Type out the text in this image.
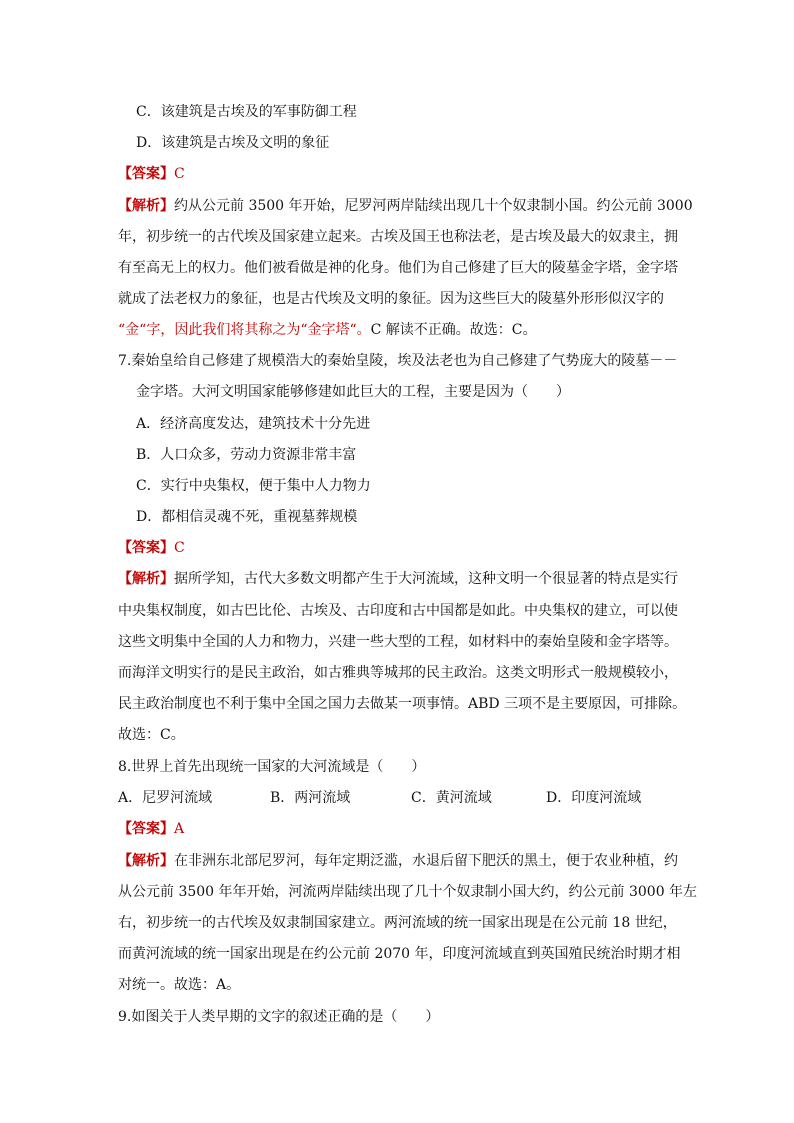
C．该建筑是古埃及的军事防御工程
D．该建筑是古埃及文明的象征
【答案】C
【解析】约从公元前 3500 年开始，尼罗河两岸陆续出现几十个奴隶制小国。约公元前 3000
年，初步统一的古代埃及国家建立起来。古埃及国王也称法老，是古埃及最大的奴隶主，拥
有至高无上的权力。他们被看做是神的化身。他们为自己修建了巨大的陵墓金字塔，金字塔
就成了法老权力的象征，也是古代埃及文明的象征。因为这些巨大的陵墓外形形似汉字的
“金“字，因此我们将其称之为“金字塔“。C 解读不正确。故选：C。
7.秦始皇给自己修建了规模浩大的秦始皇陵，埃及法老也为自己修建了气势庞大的陵墓－－
金字塔。大河文明国家能够修建如此巨大的工程，主要是因为（　　）
A．经济高度发达，建筑技术十分先进
B．人口众多，劳动力资源非常丰富
C．实行中央集权，便于集中人力物力
D．都相信灵魂不死，重视墓葬规模
【答案】C
【解析】据所学知，古代大多数文明都产生于大河流域，这种文明一个很显著的特点是实行
中央集权制度，如古巴比伦、古埃及、古印度和古中国都是如此。中央集权的建立，可以使
这些文明集中全国的人力和物力，兴建一些大型的工程，如材料中的秦始皇陵和金字塔等。
而海洋文明实行的是民主政治，如古雅典等城邦的民主政治。这类文明形式一般规模较小，
民主政治制度也不利于集中全国之国力去做某一项事情。ABD 三项不是主要原因，可排除。
故选：C。
8.世界上首先出现统一国家的大河流域是（　　）
A．尼罗河流域	B．两河流域	C．黄河流域	D．印度河流域
【答案】A
【解析】在非洲东北部尼罗河，每年定期泛滥，水退后留下肥沃的黑土，便于农业种植，约
从公元前 3500 年年开始，河流两岸陆续出现了几十个奴隶制小国大约，约公元前 3000 年左
右，初步统一的古代埃及奴隶制国家建立。两河流域的统一国家出现是在公元前 18 世纪，
而黄河流域的统一国家出现是在约公元前 2070 年，印度河流域直到英国殖民统治时期才相
对统一。故选：A。
9.如图关于人类早期的文字的叙述正确的是（　　）
